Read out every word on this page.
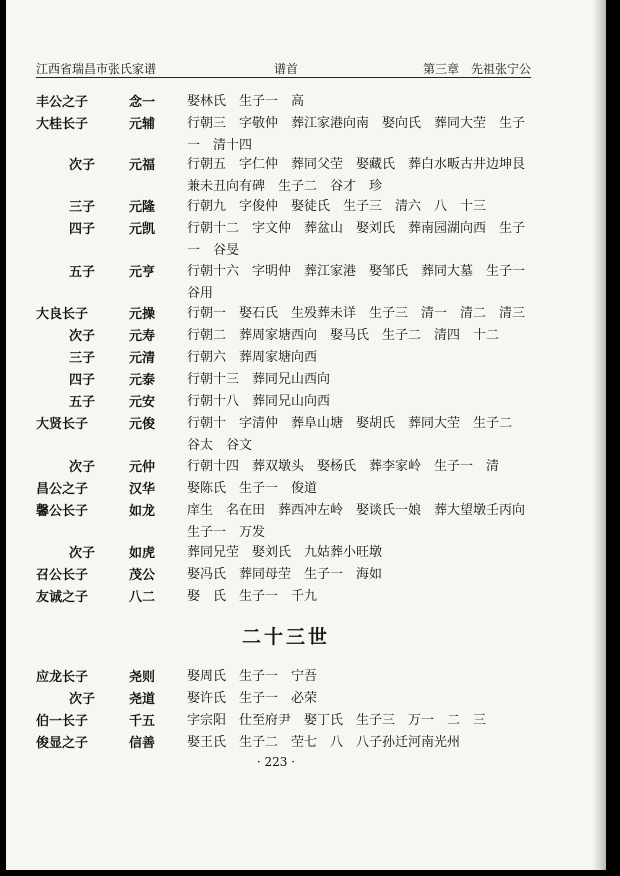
江西省瑞昌市张氏家谱	谱首	第三章　先祖张宁公
丰公之子	念一	娶林氏　生子一　高
大桂长子	元辅	行朝三　字敬仲　葬江家港向南　娶向氏　葬同大茔　生子一　清十四
次子	元福	行朝五　字仁仲　葬同父茔　娶藏氏　葬白水畈古井边坤艮兼未丑向有碑　生子二　谷才　珍
三子	元隆	行朝九　字俊仲　娶徒氏　生子三　清六　八　十三
四子	元凯	行朝十二　字文仲　葬盆山　娶刘氏　葬南园湖向西　生子一　谷旻
五子	元亨	行朝十六　字明仲　葬江家港　娶邹氏　葬同大墓　生子一　谷用
大良长子	元操	行朝一　娶石氏　生殁葬未详　生子三　清一　清二　清三
次子	元寿	行朝二　葬周家塘西向　娶马氏　生子二　清四　十二
三子	元清	行朝六　葬周家塘向西
四子	元泰	行朝十三　葬同兄山西向
五子	元安	行朝十八　葬同兄山向西
大贤长子	元俊	行朝十　字清仲　葬阜山塘　娶胡氏　葬同大茔　生子二　谷太　谷文
次子	元仲	行朝十四　葬双墩头　娶杨氏　葬李家岭　生子一　清
昌公之子	汉华	娶陈氏　生子一　俊道
馨公长子	如龙	庠生　名在田　葬西冲左岭　娶谈氏一娘　葬大望墩壬丙向　生子一　万发
次子	如虎	葬同兄茔　娶刘氏　九姑葬小旺墩
召公长子	茂公	娶冯氏　葬同母茔　生子一　海如
友诚之子	八二	娶　氏　生子一　千九
二十三世
应龙长子	尧则	娶周氏　生子一　宁吾
次子	尧道	娶许氏　生子一　必荣
伯一长子	千五	字宗阳　仕至府尹　娶丁氏　生子三　万一　二　三
俊显之子	信善	娶王氏　生子二　茔七　八　八子孙迁河南光州
· 223 ·
